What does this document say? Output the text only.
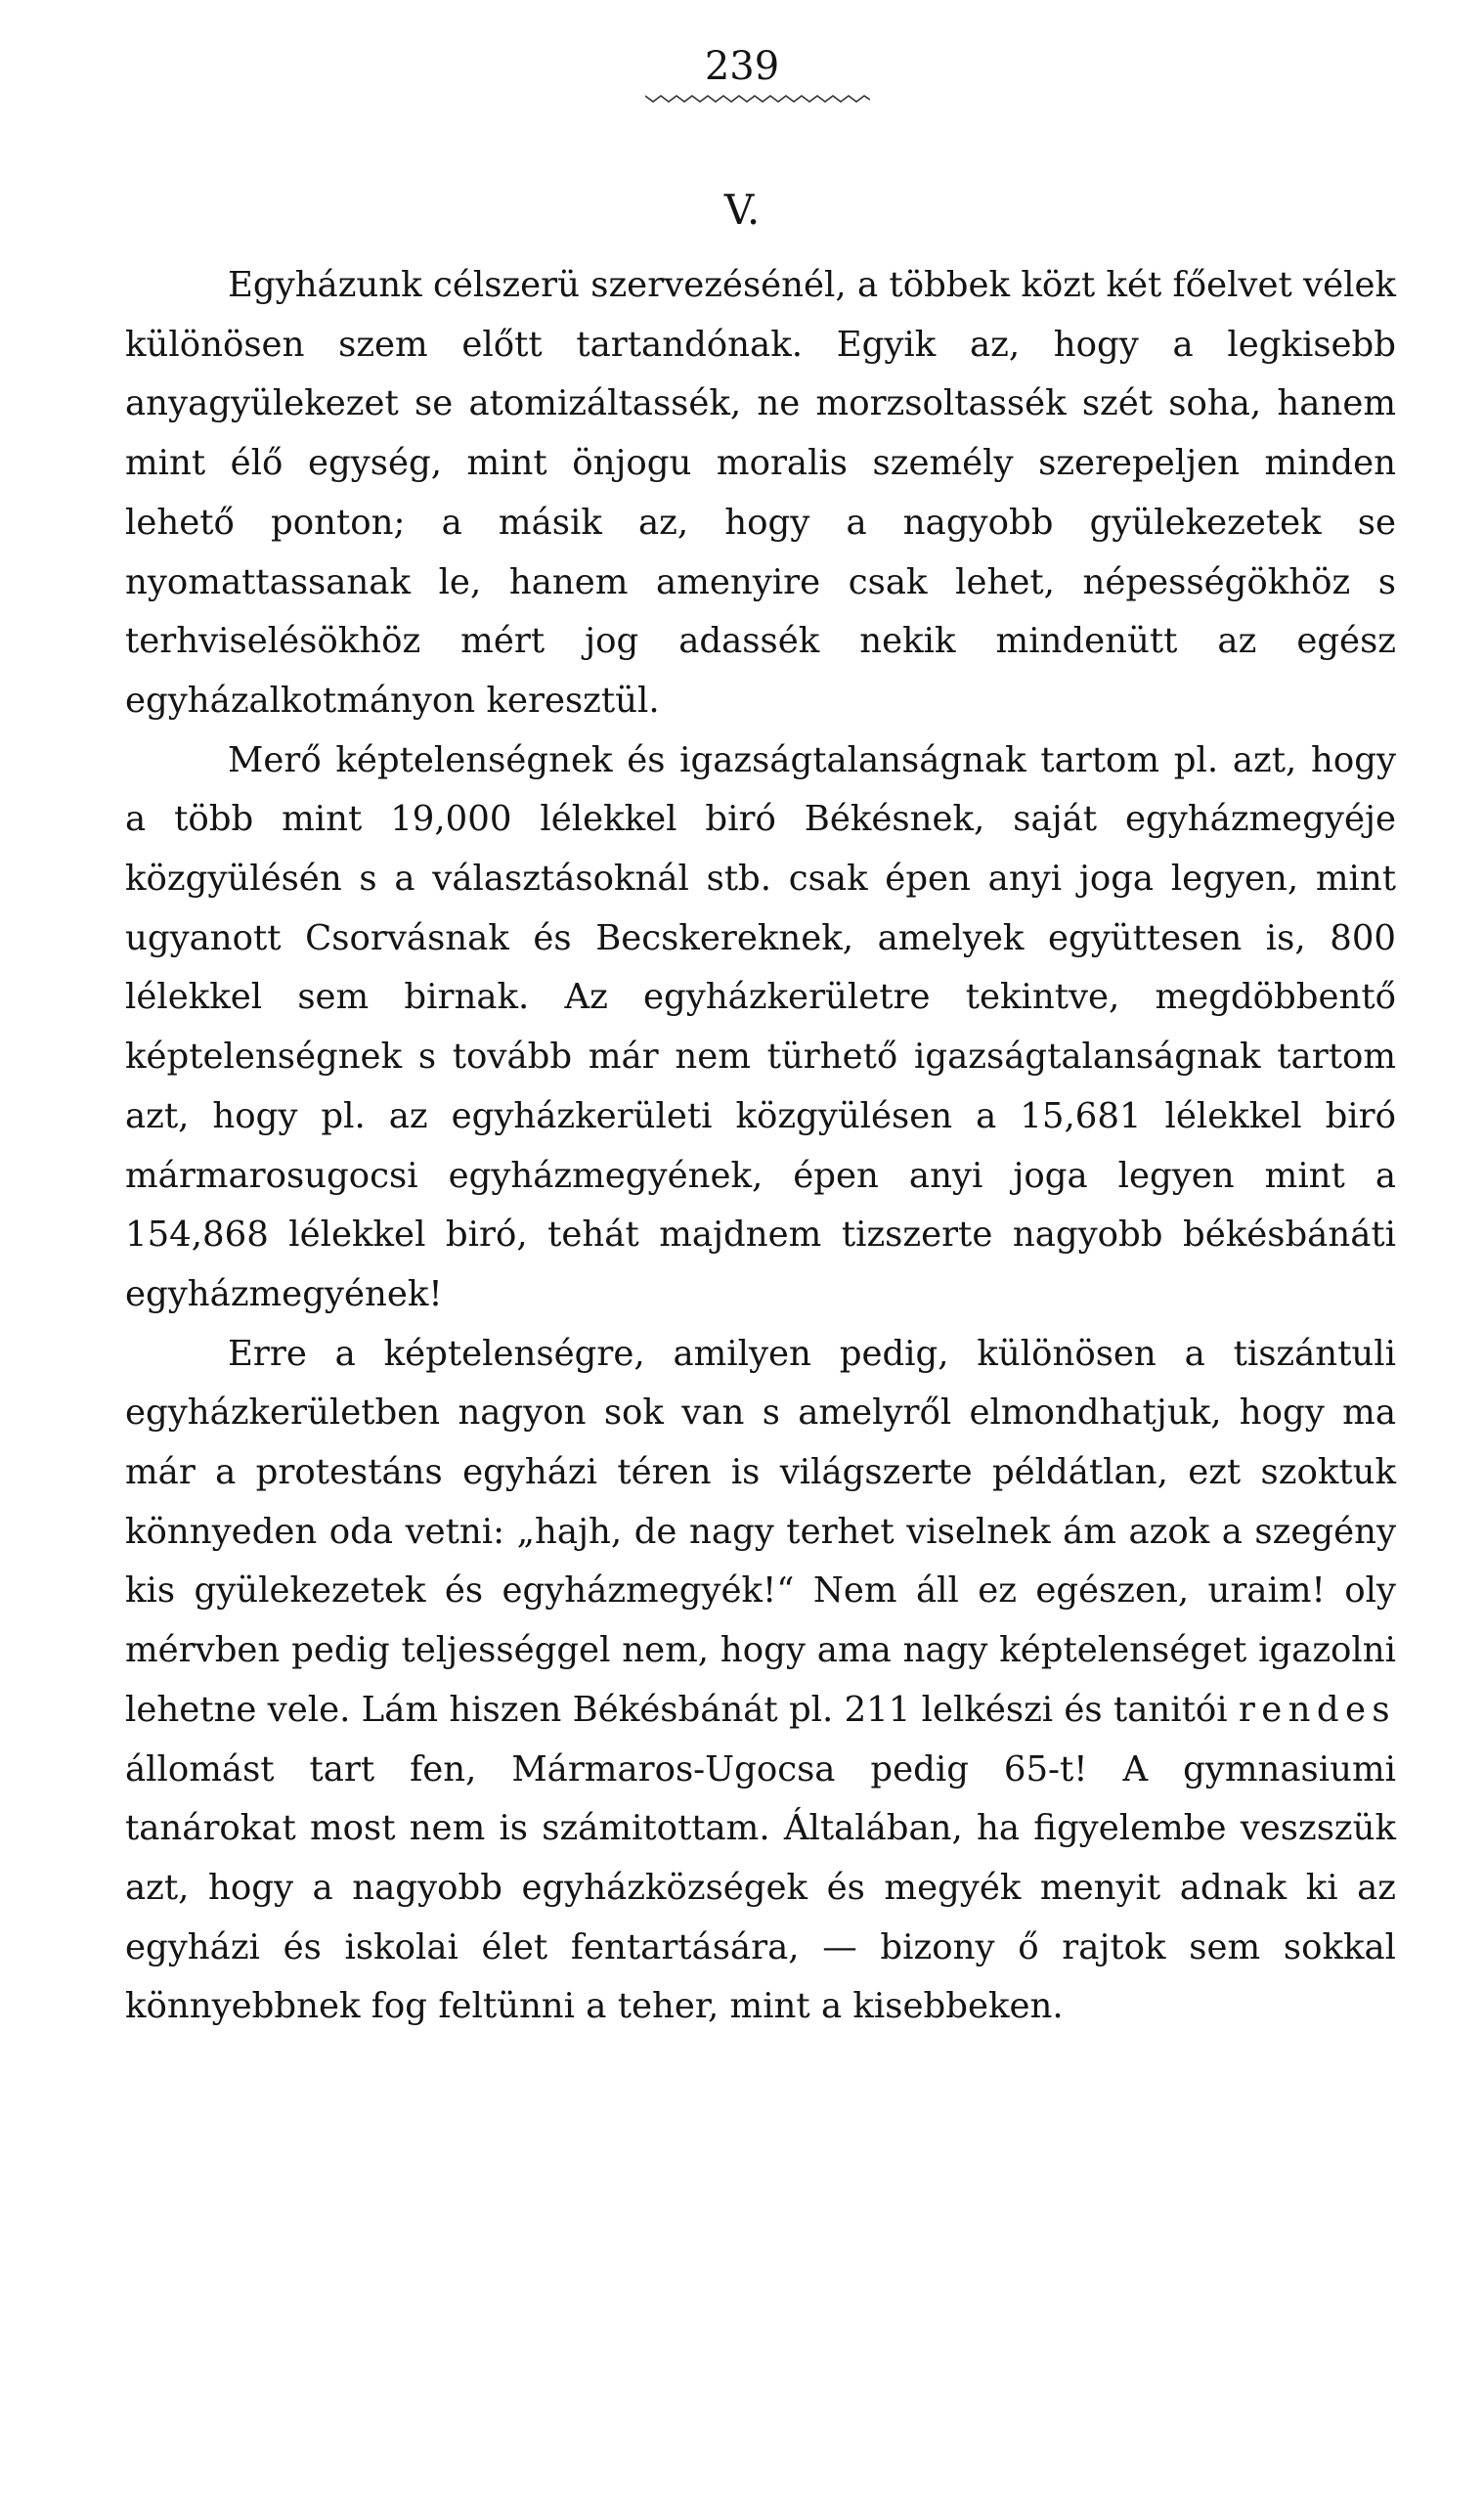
239
V.

Egyházunk célszerü szervezésénél, a többek közt két főelvet vélek különösen szem előtt tartandónak. Egyik az, hogy a legkisebb anyagyülekezet se atomizáltassék, ne morzsoltassék szét soha, hanem mint élő egység, mint önjogu moralis személy szerepeljen minden lehető ponton; a másik az, hogy a nagyobb gyülekezetek se nyomattassanak le, hanem amenyire csak lehet, népességökhöz s terhviselésökhöz mért jog adassék nekik mindenütt az egész egyházalkotmányon keresztül.

Merő képtelenségnek és igazságtalanságnak tartom pl. azt, hogy a több mint 19,000 lélekkel biró Békésnek, saját egyházmegyéje közgyülésén s a választásoknál stb. csak épen anyi joga legyen, mint ugyanott Csorvásnak és Becskereknek, amelyek együttesen is, 800 lélekkel sem birnak. Az egyházkerületre tekintve, megdöbbentő képtelenségnek s tovább már nem türhető igazságtalanságnak tartom azt, hogy pl. az egyházkerületi közgyülésen a 15,681 lélekkel biró mármarosugocsi egyházmegyének, épen anyi joga legyen mint a 154,868 lélekkel biró, tehát majdnem tizszerte nagyobb békésbánáti egyházmegyének!

Erre a képtelenségre, amilyen pedig, különösen a tiszántuli egyházkerületben nagyon sok van s amelyről elmondhatjuk, hogy ma már a protestáns egyházi téren is világszerte példátlan, ezt szoktuk könnyeden oda vetni: „hajh, de nagy terhet viselnek ám azok a szegény kis gyülekezetek és egyházmegyék!“ Nem áll ez egészen, uraim! oly mérvben pedig teljességgel nem, hogy ama nagy képtelenséget igazolni lehetne vele. Lám hiszen Békésbánát pl. 211 lelkészi és tanitói rendes állomást tart fen, Mármaros-Ugocsa pedig 65-t! A gymnasiumi tanárokat most nem is számitottam. Általában, ha figyelembe veszszük azt, hogy a nagyobb egyházközségek és megyék menyit adnak ki az egyházi és iskolai élet fentartására, — bizony ő rajtok sem sokkal könnyebbnek fog feltünni a teher, mint a kisebbeken.
